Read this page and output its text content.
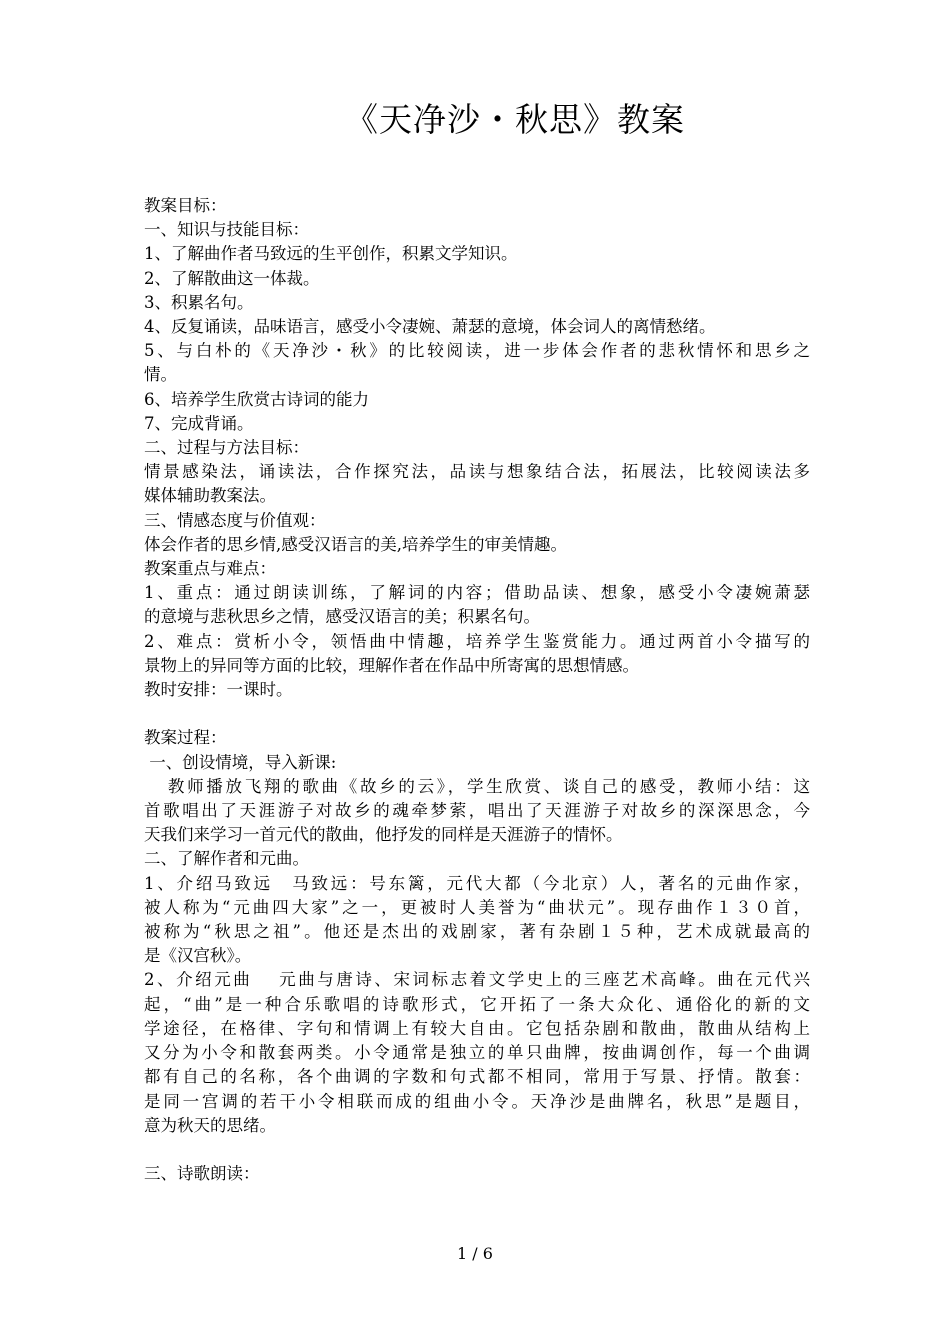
《天净沙・秋思》教案
教案目标：
一、知识与技能目标：
1、了解曲作者马致远的生平创作，积累文学知识。
2、了解散曲这一体裁。
3、积累名句。
4、反复诵读，品味语言，感受小令凄婉、萧瑟的意境，体会词人的离情愁绪。
5、与白朴的《天净沙・秋》的比较阅读，进一步体会作者的悲秋情怀和思乡之
情。
6、培养学生欣赏古诗词的能力
7、完成背诵。
二、过程与方法目标：
情景感染法，诵读法，合作探究法，品读与想象结合法，拓展法，比较阅读法多
媒体辅助教案法。
三、情感态度与价值观：
体会作者的思乡情,感受汉语言的美,培养学生的审美情趣。
教案重点与难点：
1、重点：通过朗读训练，了解词的内容；借助品读、想象，感受小令凄婉萧瑟
的意境与悲秋思乡之情，感受汉语言的美；积累名句。
2、难点：赏析小令，领悟曲中情趣，培养学生鉴赏能力。通过两首小令描写的
景物上的异同等方面的比较，理解作者在作品中所寄寓的思想情感。
教时安排：一课时。
教案过程：
一、创设情境，导入新课:
教师播放飞翔的歌曲《故乡的云》，学生欣赏、谈自己的感受，教师小结：这
首歌唱出了天涯游子对故乡的魂牵梦萦，唱出了天涯游子对故乡的深深思念，今
天我们来学习一首元代的散曲，他抒发的同样是天涯游子的情怀。
二、了解作者和元曲。
1、介绍马致远　马致远：号东篱，元代大都（今北京）人，著名的元曲作家，
被人称为“元曲四大家”之一，更被时人美誉为“曲状元”。现存曲作１３０首，
被称为“秋思之祖”。他还是杰出的戏剧家，著有杂剧１５种，艺术成就最高的
是《汉宫秋》。
2、介绍元曲　 元曲与唐诗、宋词标志着文学史上的三座艺术高峰。曲在元代兴
起，“曲”是一种合乐歌唱的诗歌形式，它开拓了一条大众化、通俗化的新的文
学途径，在格律、字句和情调上有较大自由。它包括杂剧和散曲，散曲从结构上
又分为小令和散套两类。小令通常是独立的单只曲牌，按曲调创作，每一个曲调
都有自己的名称，各个曲调的字数和句式都不相同，常用于写景、抒情。散套：
是同一宫调的若干小令相联而成的组曲小令。天净沙是曲牌名，秋思”是题目，
意为秋天的思绪。
三、诗歌朗读：
1 / 6
